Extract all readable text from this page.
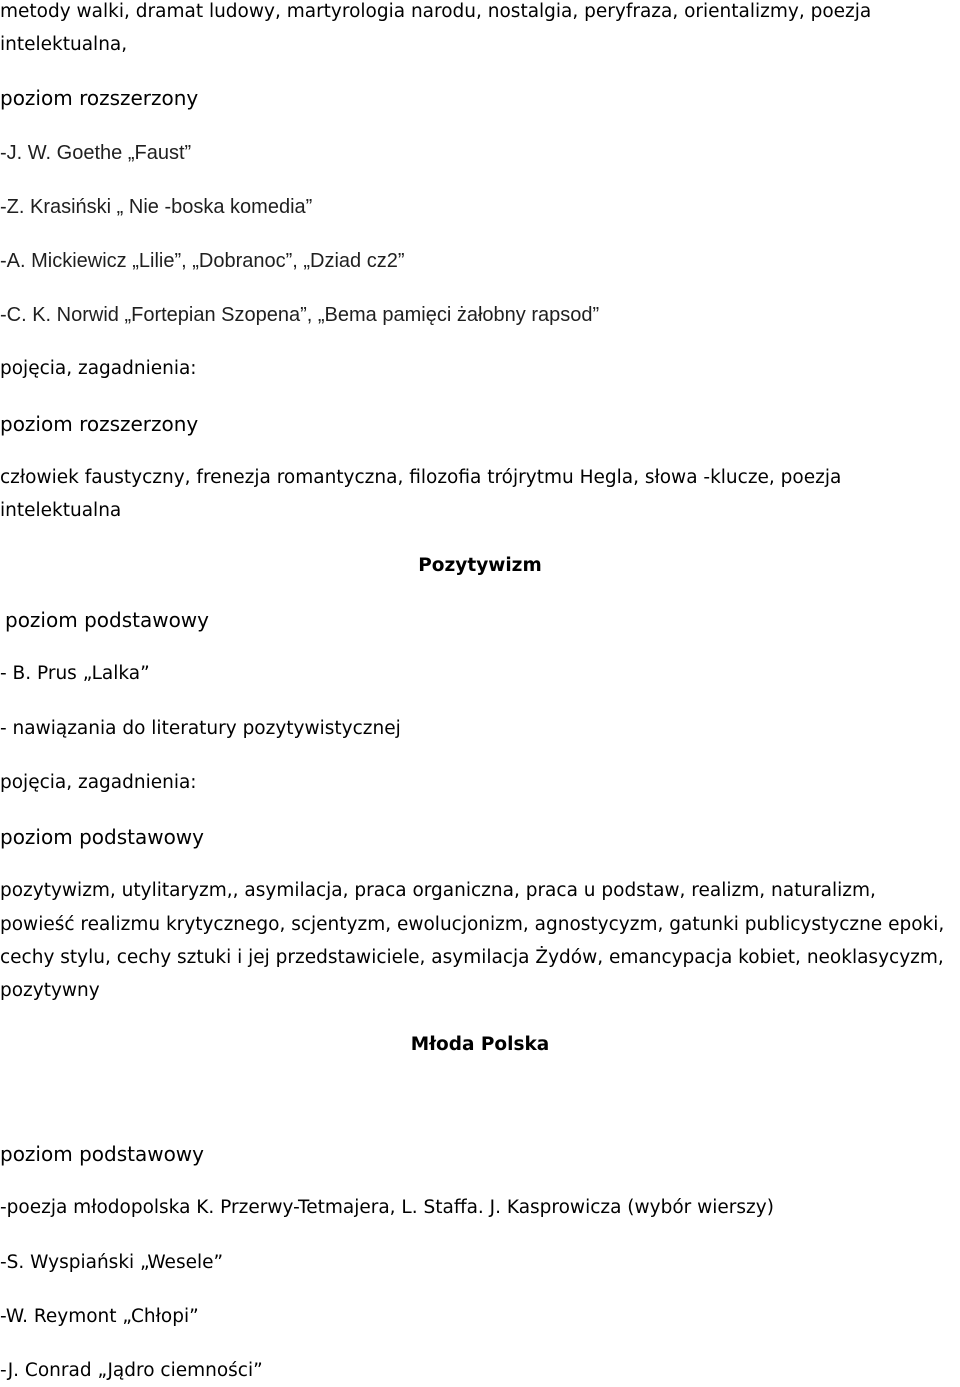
metody walki, dramat ludowy, martyrologia narodu, nostalgia, peryfraza, orientalizmy, poezja
intelektualna,
poziom rozszerzony
-J. W. Goethe „Faust”
-Z. Krasiński „ Nie -boska komedia”
-A. Mickiewicz „Lilie”, „Dobranoc”, „Dziad cz2”
-C. K. Norwid „Fortepian Szopena”, „Bema pamięci żałobny rapsod”
pojęcia, zagadnienia:
poziom rozszerzony
człowiek faustyczny, frenezja romantyczna, filozofia trójrytmu Hegla, słowa -klucze, poezja
intelektualna
Pozytywizm
poziom podstawowy
- B. Prus „Lalka”
- nawiązania do literatury pozytywistycznej
pojęcia, zagadnienia:
poziom podstawowy
pozytywizm, utylitaryzm,, asymilacja, praca organiczna, praca u podstaw, realizm, naturalizm,
powieść realizmu krytycznego, scjentyzm, ewolucjonizm, agnostycyzm, gatunki publicystyczne epoki,
cechy stylu, cechy sztuki i jej przedstawiciele, asymilacja Żydów, emancypacja kobiet, neoklasycyzm,
pozytywny
Młoda Polska
poziom podstawowy
-poezja młodopolska K. Przerwy-Tetmajera, L. Staffa. J. Kasprowicza (wybór wierszy)
-S. Wyspiański „Wesele”
-W. Reymont „Chłopi”
-J. Conrad „Jądro ciemności”
